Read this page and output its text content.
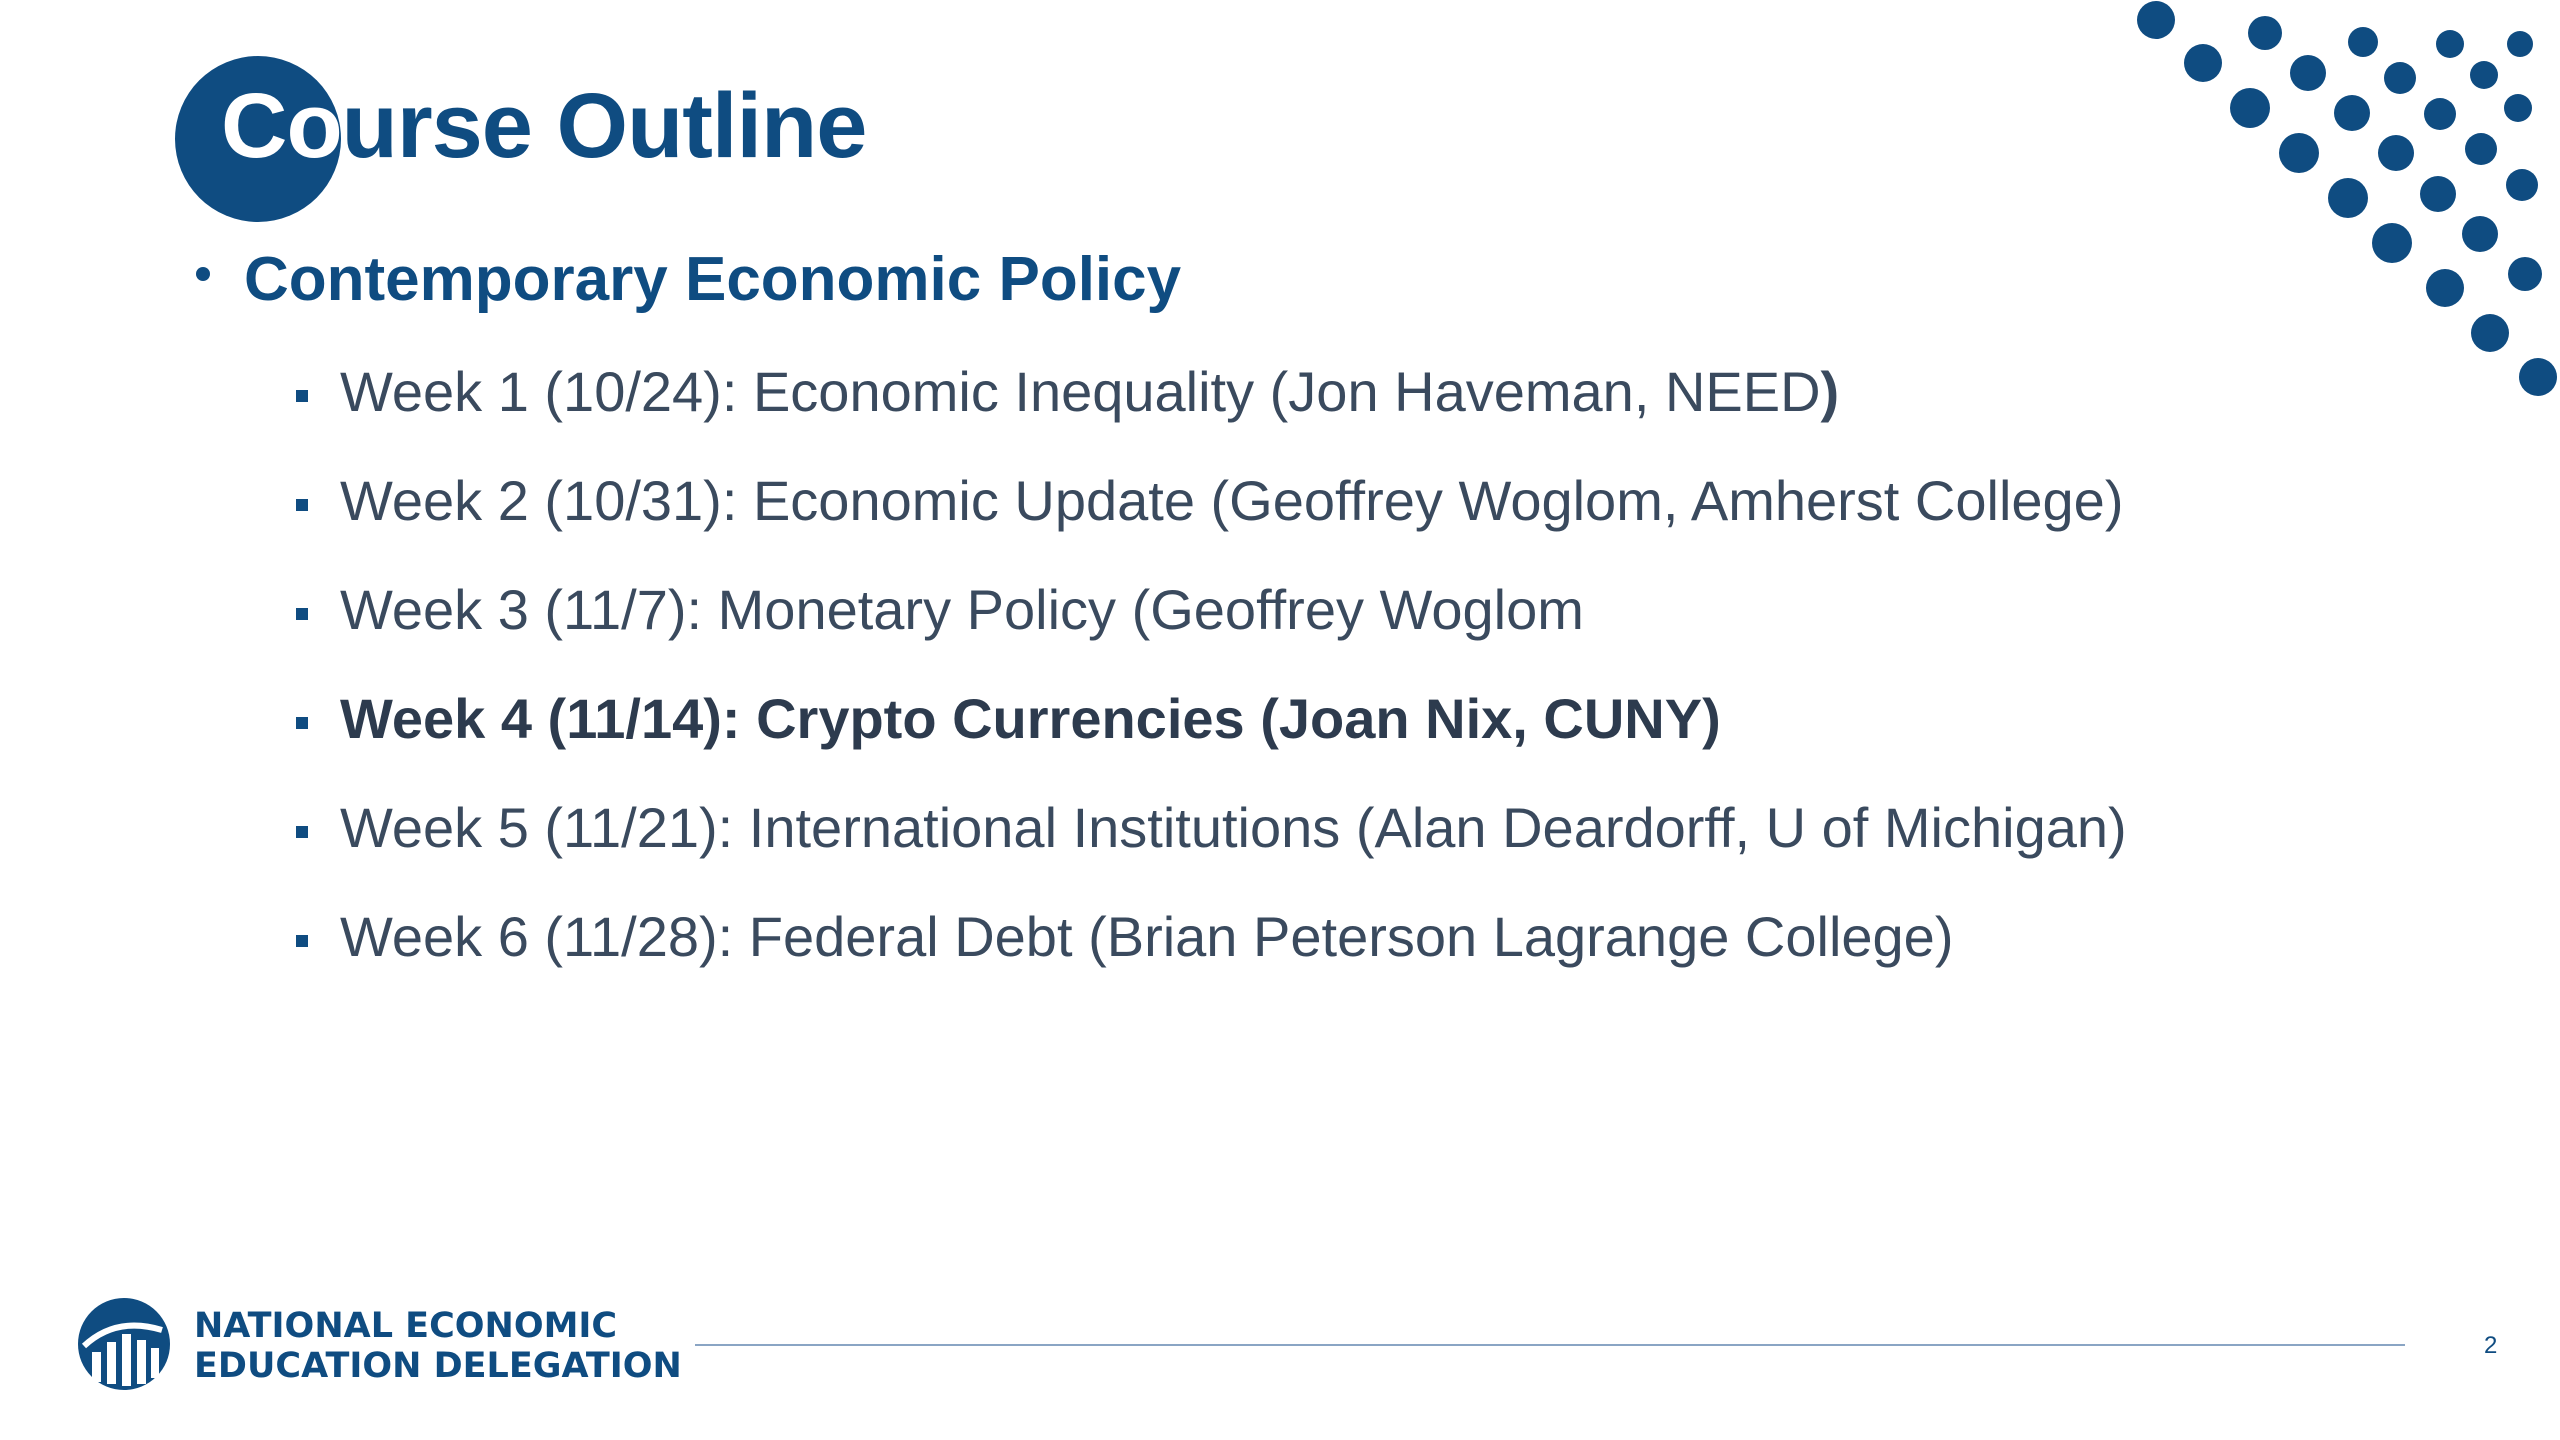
Course Outline
Contemporary Economic Policy
Week 1 (10/24): Economic Inequality (Jon Haveman, NEED )
Week 2 (10/31): Economic Update (Geoffrey Woglom, Amherst College)
Week 3 (11/7): Monetary Policy (Geoffrey Woglom
Week 4 (11/14): Crypto Currencies (Joan Nix, CUNY)
Week 5 (11/21): International Institutions (Alan Deardorff, U of Michigan)
Week 6 (11/28): Federal Debt (Brian Peterson Lagrange College)
NATIONAL ECONOMIC
EDUCATION DELEGATION
2
